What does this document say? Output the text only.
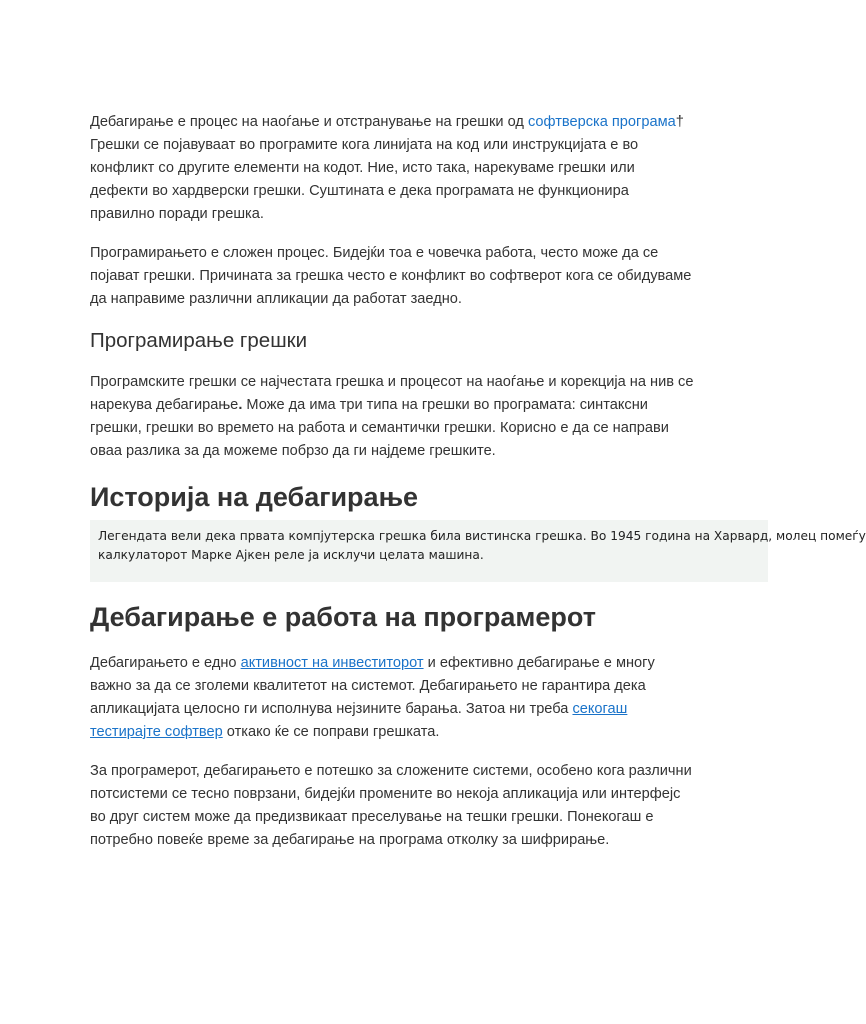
Дебагирање е процес на наоѓање и отстранување на грешки од софтверска програма† Грешки се појавуваат во програмите кога линијата на код или инструкцијата е во конфликт со другите елементи на кодот. Ние, исто така, нарекуваме грешки или дефекти во хардверски грешки. Суштината е дека програмата не функционира правилно поради грешка.

Програмирањето е сложен процес. Бидејќи тоа е човечка работа, често може да се појават грешки. Причината за грешка често е конфликт во софтверот кога се обидуваме да направиме различни апликации да работат заедно.

Програмирање грешки

Програмските грешки се најчестата грешка и процесот на наоѓање и корекција на нив се нарекува дебагирање. Може да има три типа на грешки во програмата: синтаксни грешки, грешки во времето на работа и семантички грешки. Корисно е да се направи оваа разлика за да можеме побрзо да ги најдеме грешките.

Историја на дебагирање

Легендата вели дека првата компјутерска грешка била вистинска грешка. Во 1945 година на Харвард, молец помеѓу
калкулаторот Марке Ајкен реле ја исклучи целата машина.

Дебагирање е работа на програмерот

Дебагирањето е едно активност на инвеститорот и ефективно дебагирање е многу важно за да се зголеми квалитетот на системот. Дебагирањето не гарантира дека апликацијата целосно ги исполнува нејзините барања. Затоа ни треба секогаш тестирајте софтвер откако ќе се поправи грешката.

За програмерот, дебагирањето е потешко за сложените системи, особено кога различни потсистеми се тесно поврзани, бидејќи промените во некоја апликација или интерфејс во друг систем може да предизвикаат преселување на тешки грешки. Понекогаш е потребно повеќе време за дебагирање на програма отколку за шифрирање.
